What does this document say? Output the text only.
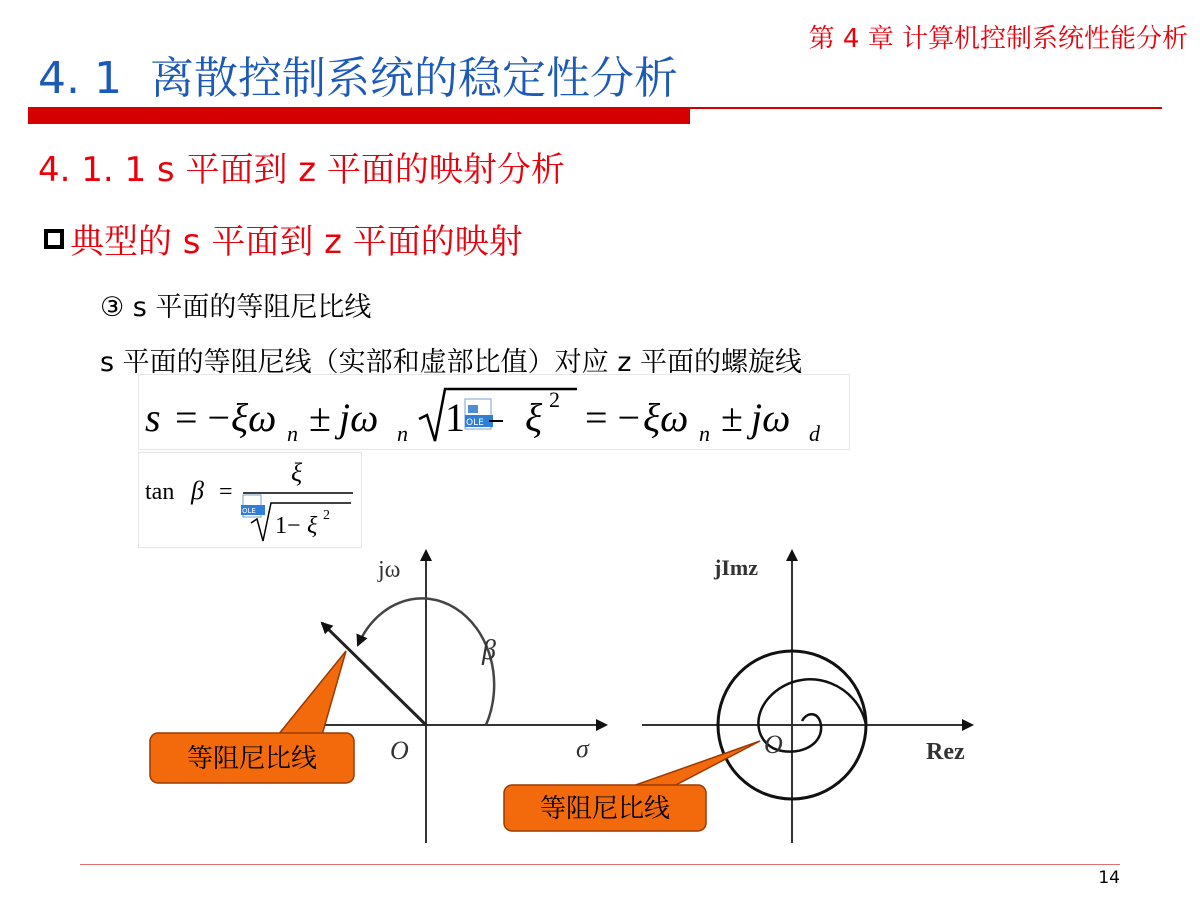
第 4 章 计算机控制系统性能分析
4. 1 离散控制系统的稳定性分析
4. 1. 1 s 平面到 z 平面的映射分析
典型的 s 平面到 z 平面的映射
③ s 平面的等阻尼比线
s 平面的等阻尼线（实部和虚部比值）对应 z 平面的螺旋线
s = − ξω n ± jω n 1 OLE ξ 2 = − ξω n ± jω d
tan β =
ξ
1− ξ 2
OLE
jω
σ
O
β
等阻尼比线
jImz
Rez
O
等阻尼比线
14
